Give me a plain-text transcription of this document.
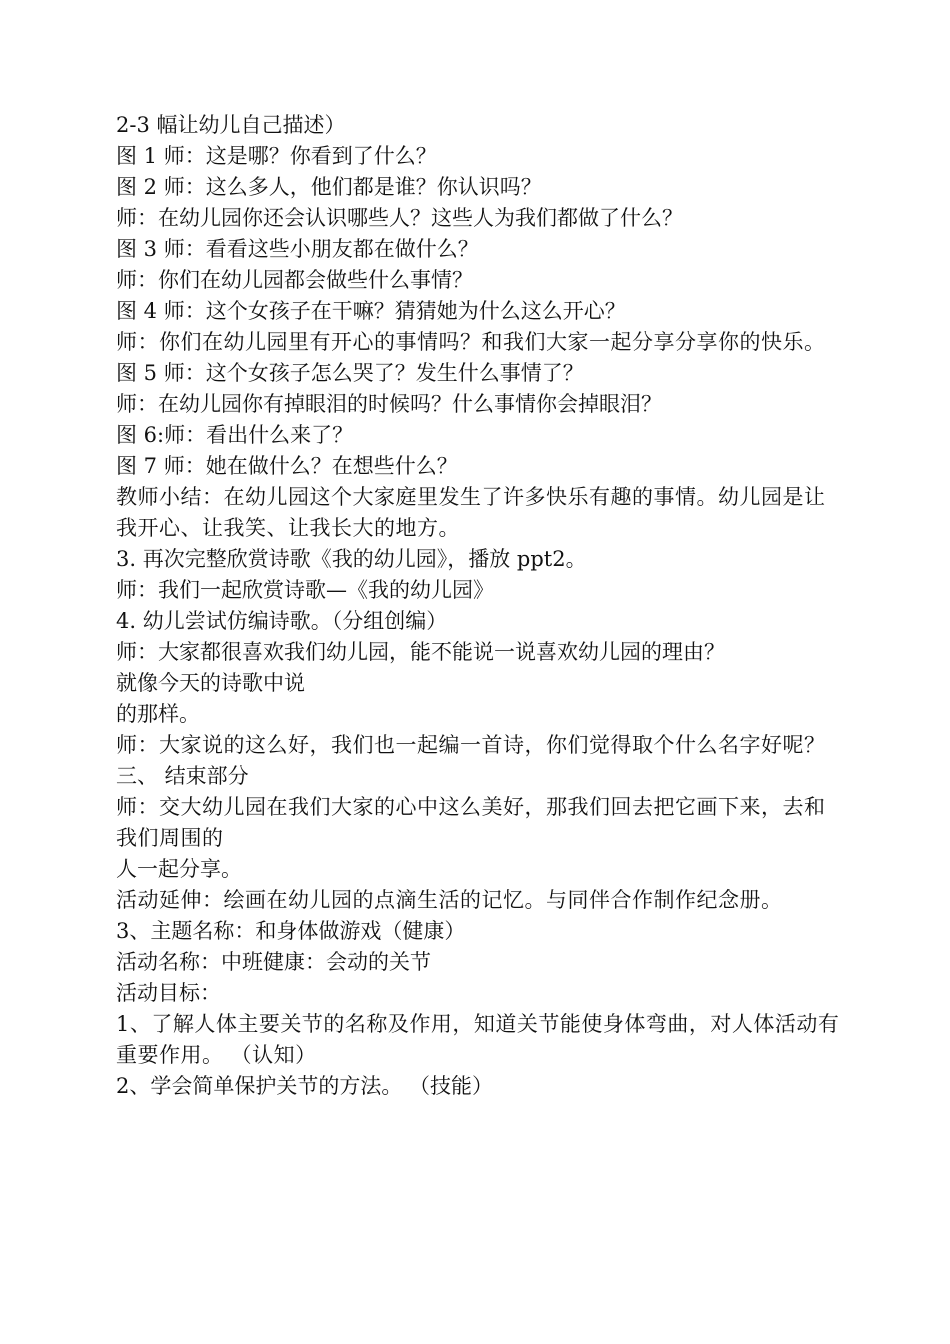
2-3 幅让幼儿自己描述）
图 1 师：这是哪？你看到了什么？
图 2 师：这么多人，他们都是谁？你认识吗？
师：在幼儿园你还会认识哪些人？这些人为我们都做了什么？
图 3 师：看看这些小朋友都在做什么？
师：你们在幼儿园都会做些什么事情？
图 4 师：这个女孩子在干嘛？猜猜她为什么这么开心？
师：你们在幼儿园里有开心的事情吗？和我们大家一起分享分享你的快乐。
图 5 师：这个女孩子怎么哭了？发生什么事情了？
师：在幼儿园你有掉眼泪的时候吗？什么事情你会掉眼泪？
图 6:师：看出什么来了？
图 7 师：她在做什么？在想些什么？
教师小结：在幼儿园这个大家庭里发生了许多快乐有趣的事情。幼儿园是让我开心、让我笑、让我长大的地方。
3. 再次完整欣赏诗歌《我的幼儿园》，播放 ppt2。
师：我们一起欣赏诗歌—《我的幼儿园》
4. 幼儿尝试仿编诗歌。（分组创编）
师：大家都很喜欢我们幼儿园，能不能说一说喜欢幼儿园的理由？
就像今天的诗歌中说
的那样。
师：大家说的这么好，我们也一起编一首诗，你们觉得取个什么名字好呢？
三、 结束部分
师：交大幼儿园在我们大家的心中这么美好，那我们回去把它画下来，去和我们周围的
人一起分享。
活动延伸：绘画在幼儿园的点滴生活的记忆。与同伴合作制作纪念册。
3、主题名称：和身体做游戏（健康）
活动名称：中班健康：会动的关节
活动目标：
1、了解人体主要关节的名称及作用，知道关节能使身体弯曲，对人体活动有重要作用。 （认知）
2、学会简单保护关节的方法。 （技能）
